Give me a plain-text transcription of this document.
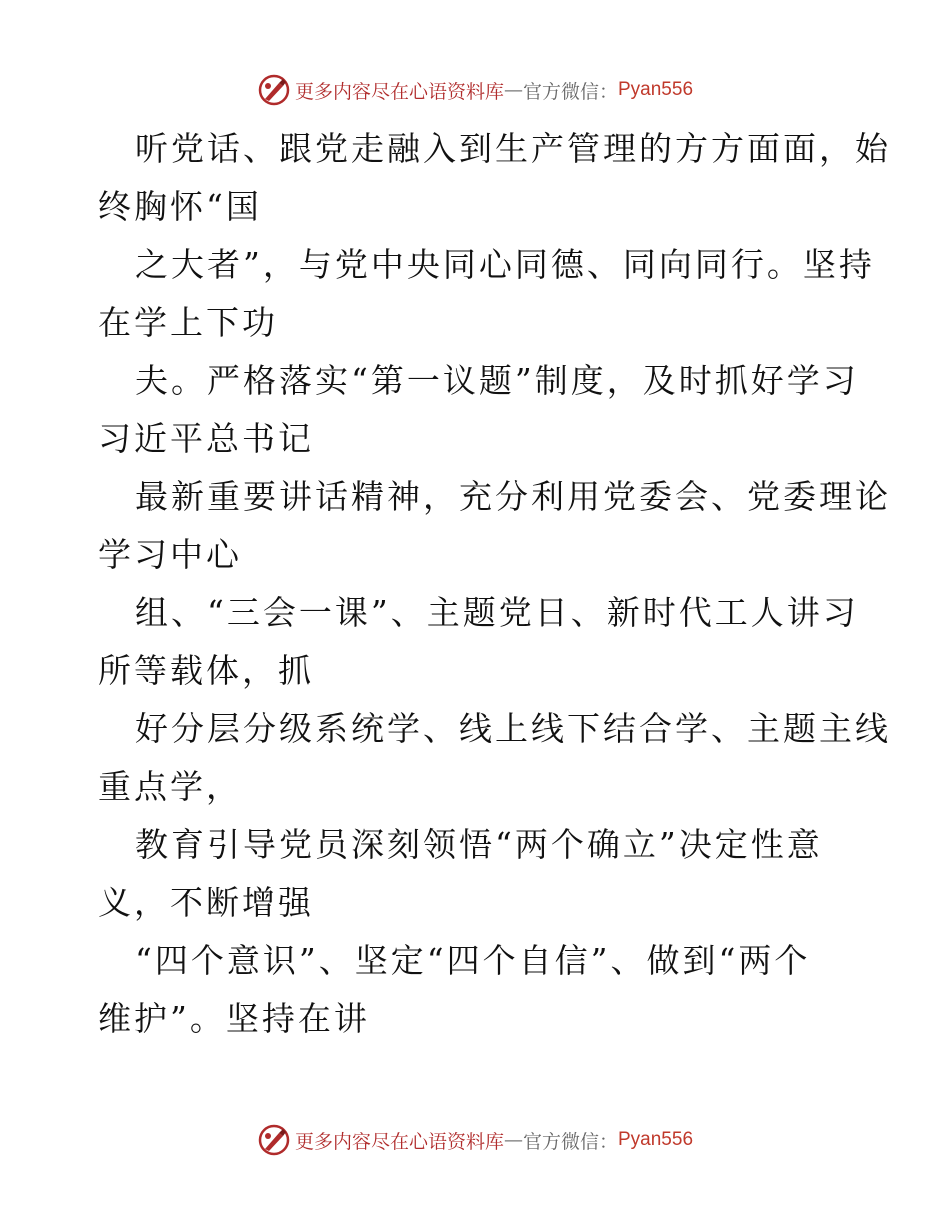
更多内容尽在心语资料库 — 官方微信： Pyan556
听党话、跟党走融入到生产管理的方方面面，始
终胸怀“国
之大者”，与党中央同心同德、同向同行。坚持
在学上下功
夫。严格落实“第一议题”制度，及时抓好学习
习近平总书记
最新重要讲话精神，充分利用党委会、党委理论
学习中心
组、“三会一课”、主题党日、新时代工人讲习
所等载体，抓
好分层分级系统学、线上线下结合学、主题主线
重点学，
教育引导党员深刻领悟“两个确立”决定性意
义，不断增强
“四个意识”、坚定“四个自信”、做到“两个
维护”。坚持在讲
更多内容尽在心语资料库 — 官方微信： Pyan556
